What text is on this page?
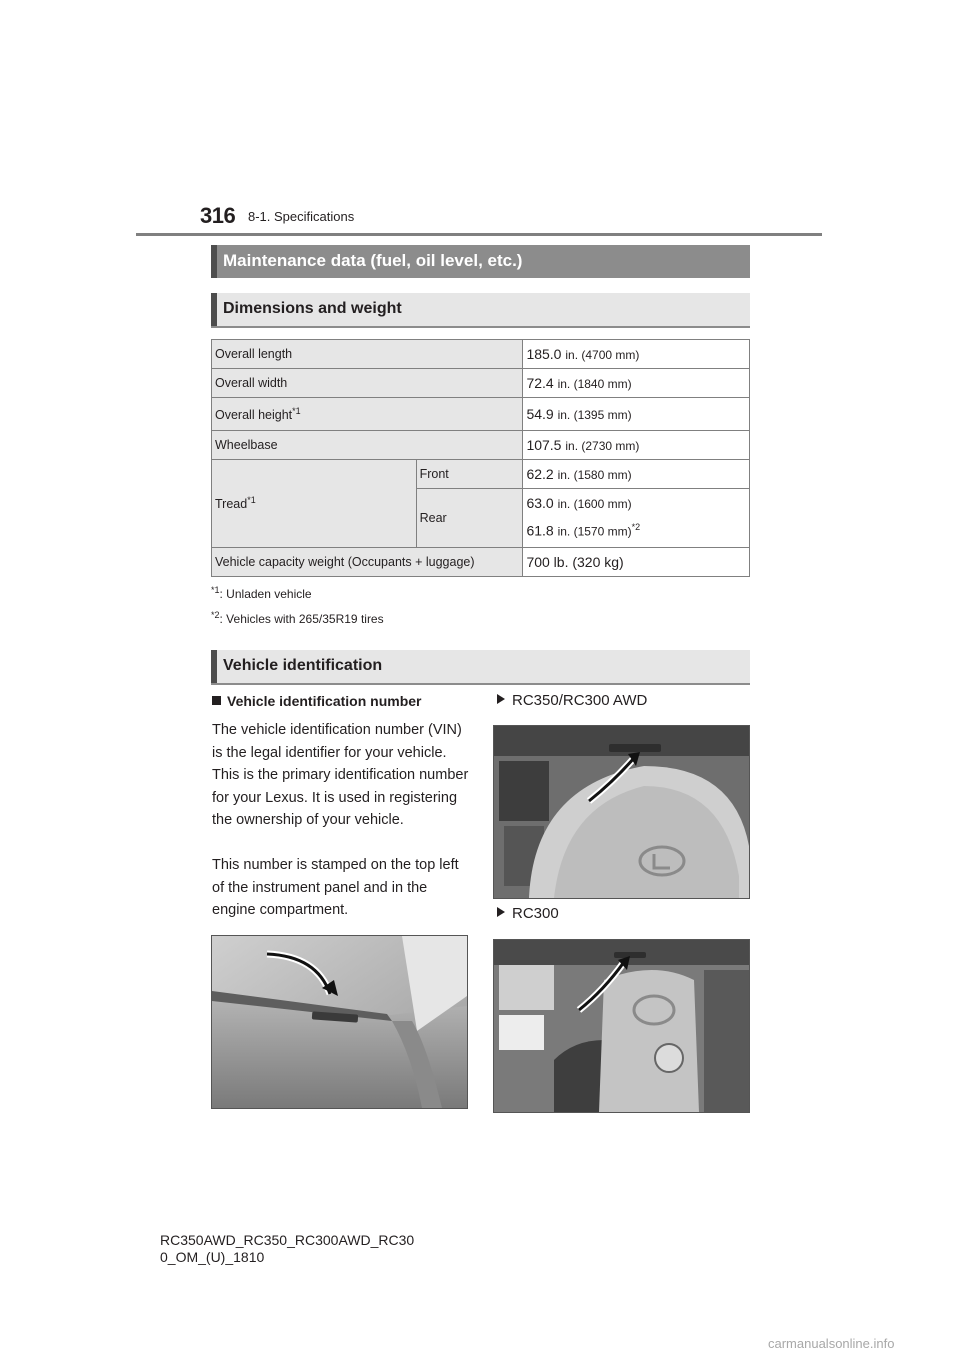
316 8-1. Specifications
Maintenance data (fuel, oil level, etc.)
Dimensions and weight
Overall length		185.0 in. (4700 mm)
Overall width		72.4 in. (1840 mm)
Overall height$^{*1}$		54.9 in. (1395 mm)
Wheelbase		107.5 in. (2730 mm)
Tread$^{*1}$	Front	62.2 in. (1580 mm)
	Rear	63.0 in. (1600 mm)
61.8 in. (1570 mm)$^{*2}$

Vehicle capacity weight (Occupants + luggage)		700 lb. (320 kg)
$^{*1}$: Unladen vehicle
$^{*2}$: Vehicles with 265/35R19 tires
Vehicle identification
Vehicle identification number
The vehicle identification number (VIN) is the legal identifier for your vehicle. This is the primary identification number for your Lexus. It is used in registering the ownership of your vehicle.
This number is stamped on the top left of the instrument panel and in the engine compartment.
RC350/RC300 AWD
RC300
RC350AWD_RC350_RC300AWD_RC30
0_OM_(U)_1810
carmanualsonline.info
